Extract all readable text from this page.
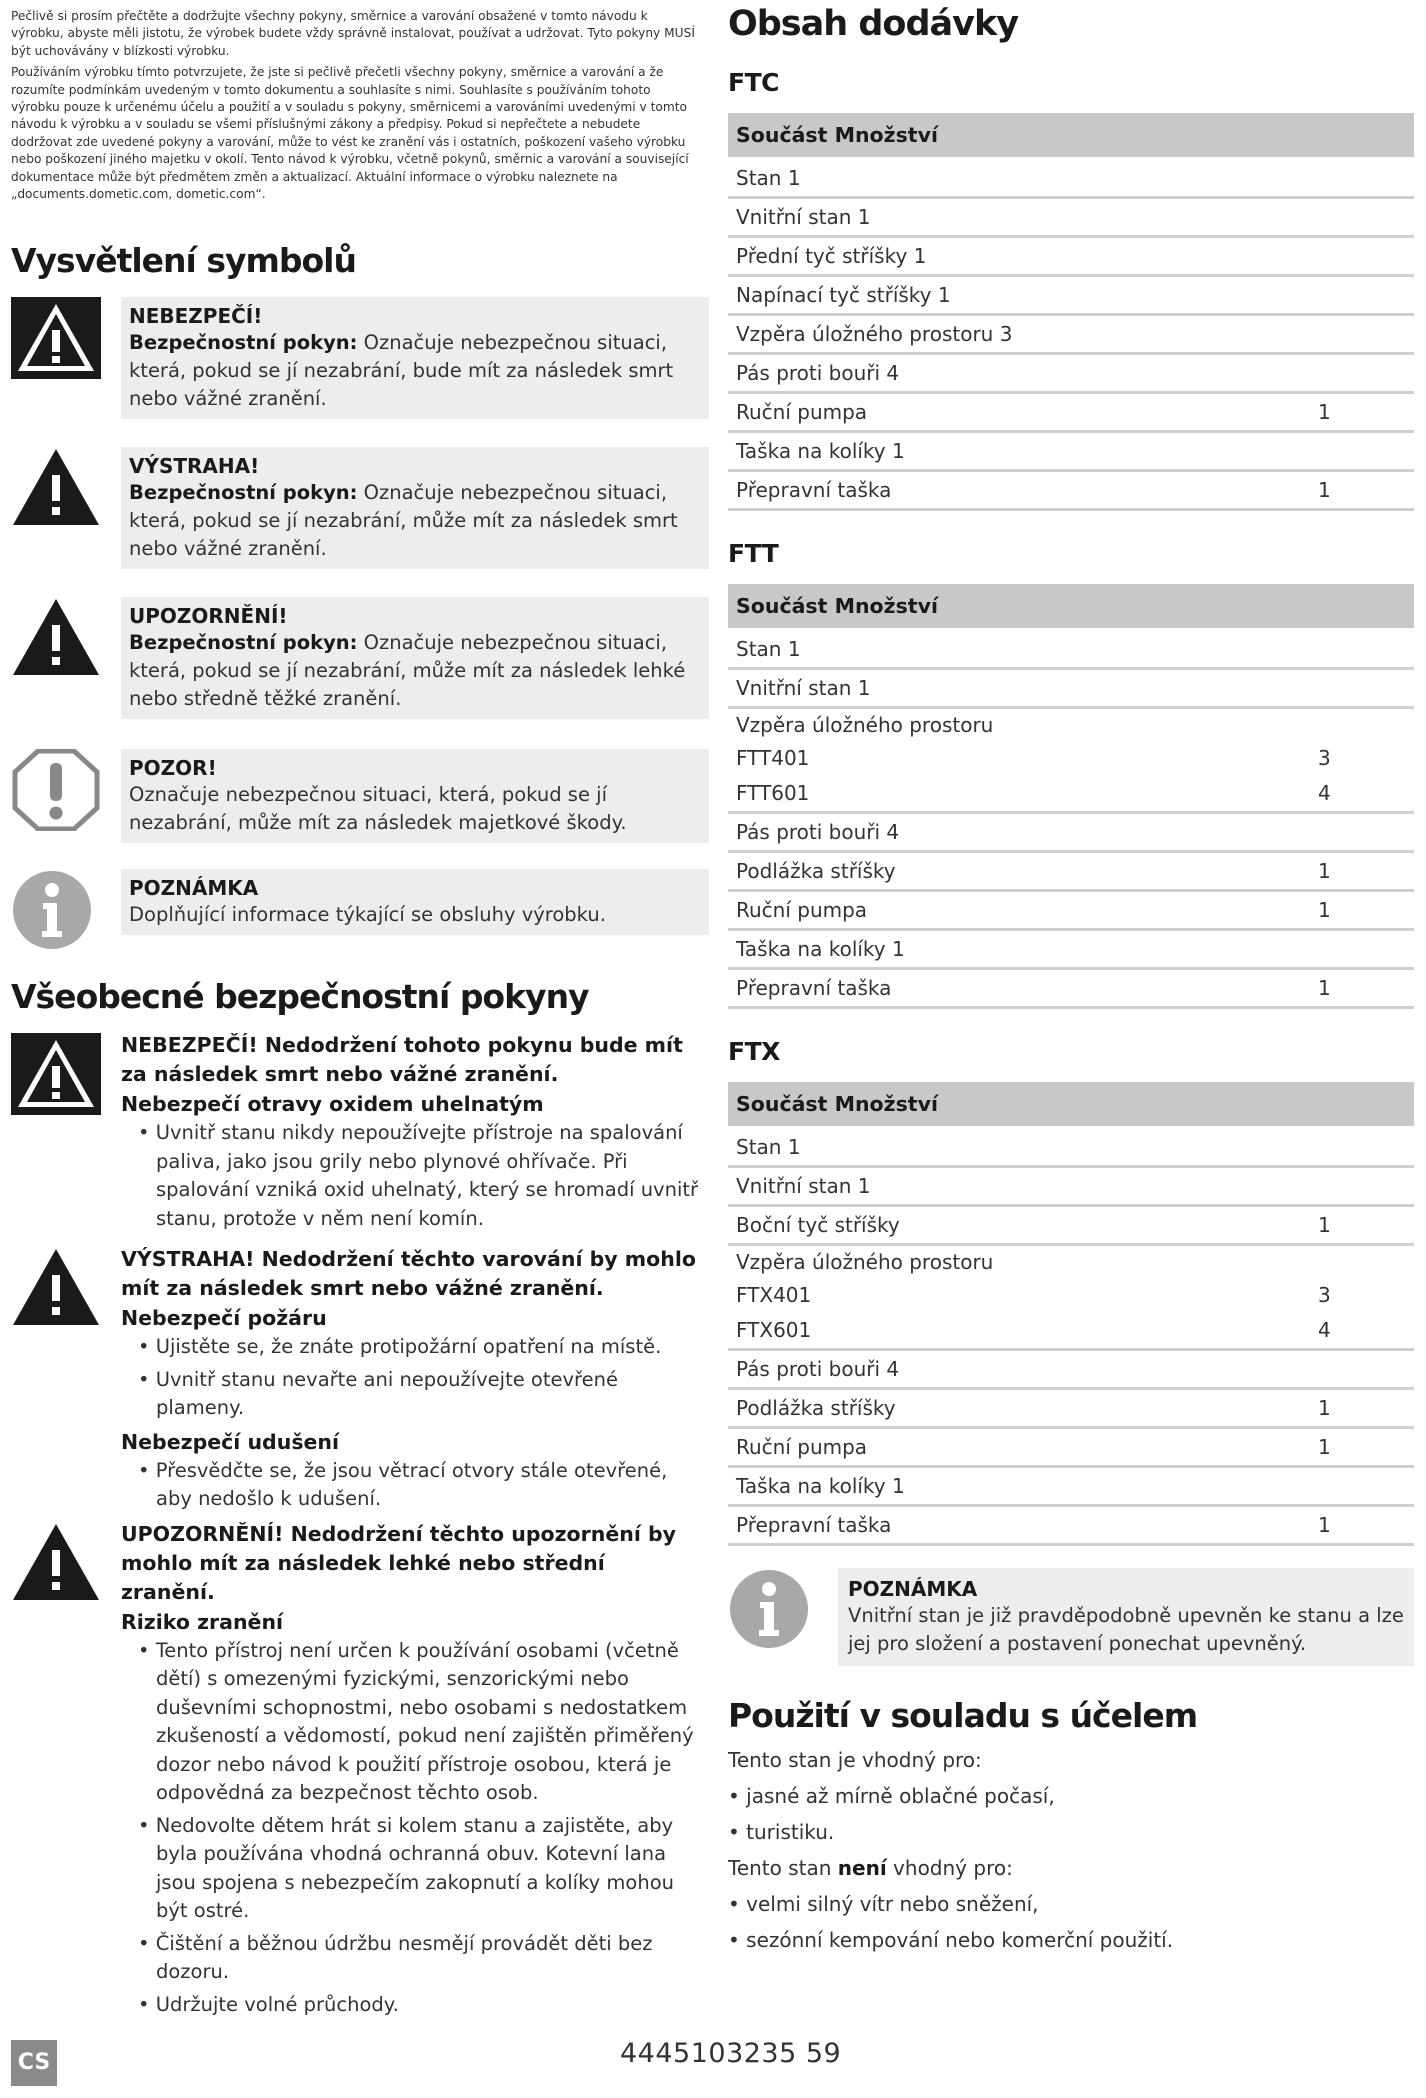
Pečlivě si prosím přečtěte a dodržujte všechny pokyny, směrnice a varování obsažené v tomto návodu k výrobku, abyste měli jistotu, že výrobek budete vždy správně instalovat, používat a udržovat. Tyto pokyny MUSÍ být uchovávány v blízkosti výrobku.

Používáním výrobku tímto potvrzujete, že jste si pečlivě přečetli všechny pokyny, směrnice a varování a že rozumíte podmínkám uvedeným v tomto dokumentu a souhlasíte s nimi. Souhlasíte s používáním tohoto výrobku pouze k určenému účelu a použití a v souladu s pokyny, směrnicemi a varováními uvedenými v tomto návodu k výrobku a v souladu se všemi příslušnými zákony a předpisy. Pokud si nepřečtete a nebudete dodržovat zde uvedené pokyny a varování, může to vést ke zranění vás i ostatních, poškození vašeho výrobku nebo poškození jiného majetku v okolí. Tento návod k výrobku, včetně pokynů, směrnic a varování a související dokumentace může být předmětem změn a aktualizací. Aktuální informace o výrobku naleznete na „documents.dometic.com, dometic.com“.

Vysvětlení symbolů
NEBEZPEČÍ!
Bezpečnostní pokyn: Označuje nebezpečnou situaci, která, pokud se jí nezabrání, bude mít za následek smrt nebo vážné zranění.
VÝSTRAHA!
Bezpečnostní pokyn: Označuje nebezpečnou situaci, která, pokud se jí nezabrání, může mít za následek smrt nebo vážné zranění.
UPOZORNĚNÍ!
Bezpečnostní pokyn: Označuje nebezpečnou situaci, která, pokud se jí nezabrání, může mít za následek lehké nebo středně těžké zranění.
POZOR!
Označuje nebezpečnou situaci, která, pokud se jí nezabrání, může mít za následek majetkové škody.
POZNÁMKA
Doplňující informace týkající se obsluhy výrobku.
Všeobecné bezpečnostní pokyny
NEBEZPEČÍ! Nedodržení tohoto pokynu bude mít za následek smrt nebo vážné zranění.
Nebezpečí otravy oxidem uhelnatým
• Uvnitř stanu nikdy nepoužívejte přístroje na spalování paliva, jako jsou grily nebo plynové ohřívače. Při spalování vzniká oxid uhelnatý, který se hromadí uvnitř stanu, protože v něm není komín.
VÝSTRAHA! Nedodržení těchto varování by mohlo mít za následek smrt nebo vážné zranění.
Nebezpečí požáru
• Ujistěte se, že znáte protipožární opatření na místě.
• Uvnitř stanu nevařte ani nepoužívejte otevřené plameny.
Nebezpečí udušení
• Přesvědčte se, že jsou větrací otvory stále otevřené, aby nedošlo k udušení.
UPOZORNĚNÍ! Nedodržení těchto upozornění by mohlo mít za následek lehké nebo střední zranění.
Riziko zranění
• Tento přístroj není určen k používání osobami (včetně dětí) s omezenými fyzickými, senzorickými nebo duševními schopnostmi, nebo osobami s nedostatkem zkušeností a vědomostí, pokud není zajištěn přiměřený dozor nebo návod k použití přístroje osobou, která je odpovědná za bezpečnost těchto osob.
• Nedovolte dětem hrát si kolem stanu a zajistěte, aby byla používána vhodná ochranná obuv. Kotevní lana jsou spojena s nebezpečím zakopnutí a kolíky mohou být ostré.
• Čištění a běžnou údržbu nesmějí provádět děti bez dozoru.
• Udržujte volné průchody.
Obsah dodávky
FTC
Součást Množství
Stan 1
Vnitřní stan 1
Přední tyč stříšky 1
Napínací tyč stříšky 1
Vzpěra úložného prostoru 3
Pás proti bouři 4
Ruční pumpa	1
Taška na kolíky 1
Přepravní taška	1
FTT
Součást Množství
Stan 1
Vnitřní stan 1
Vzpěra úložného prostoru
FTT401	3
FTT601	4
Pás proti bouři 4
Podlážka stříšky	1
Ruční pumpa	1
Taška na kolíky 1
Přepravní taška	1
FTX
Součást Množství
Stan 1
Vnitřní stan 1
Boční tyč stříšky	1
Vzpěra úložného prostoru
FTX401	3
FTX601	4
Pás proti bouři 4
Podlážka stříšky	1
Ruční pumpa	1
Taška na kolíky 1
Přepravní taška	1
POZNÁMKA
Vnitřní stan je již pravděpodobně upevněn ke stanu a lze jej pro složení a postavení ponechat upevněný.
Použití v souladu s účelem

Tento stan je vhodný pro:

• jasné až mírně oblačné počasí,

• turistiku.

Tento stan není vhodný pro:

• velmi silný vítr nebo sněžení,

• sezónní kempování nebo komerční použití.

CS	4445103235 59
